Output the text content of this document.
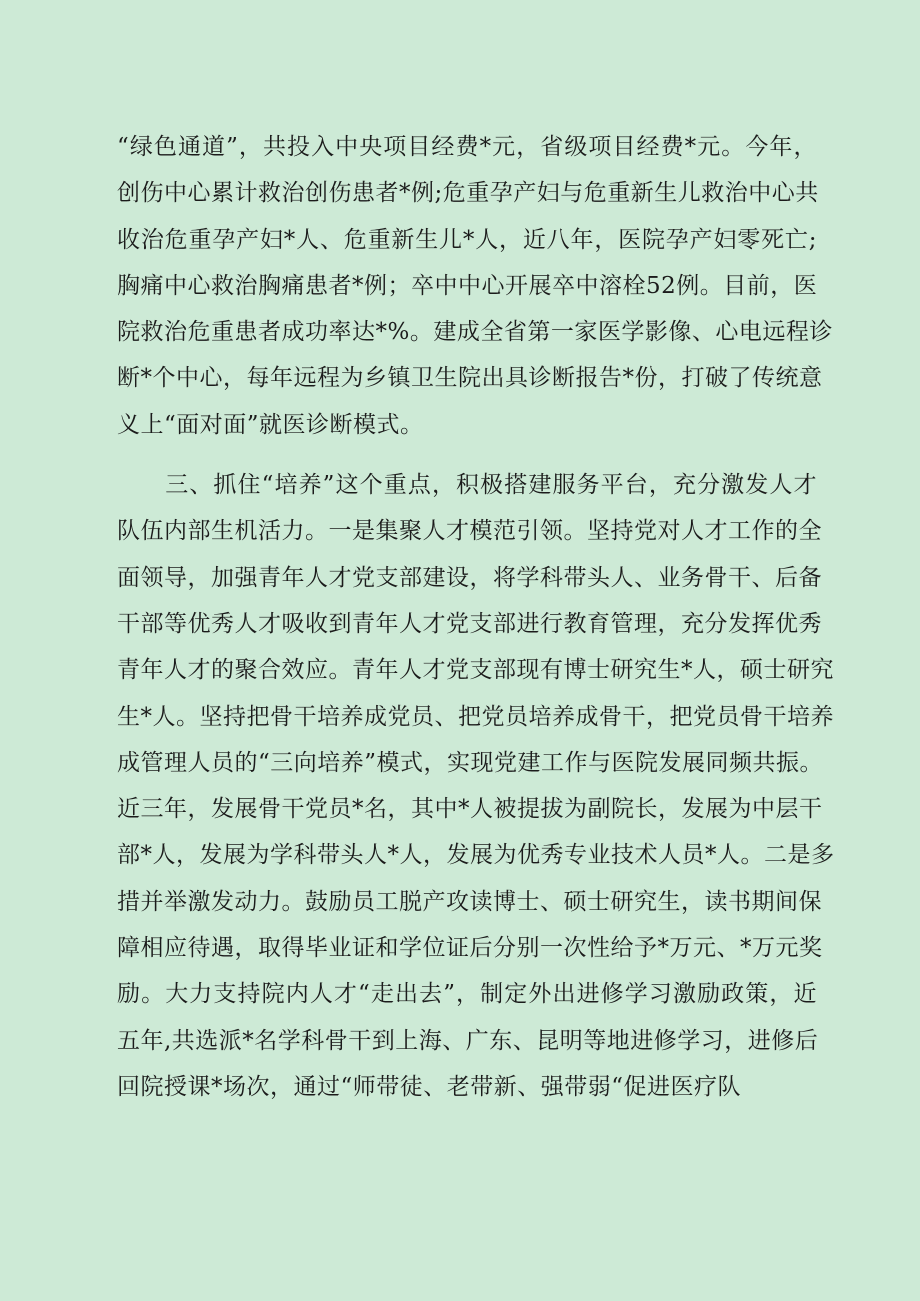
“绿色通道”，共投入中央项目经费*元，省级项目经费*元。今年，
创伤中心累计救治创伤患者*例;危重孕产妇与危重新生儿救治中心共
收治危重孕产妇*人、危重新生儿*人，近八年，医院孕产妇零死亡;
胸痛中心救治胸痛患者*例；卒中中心开展卒中溶栓52例。目前，医
院救治危重患者成功率达*%。建成全省第一家医学影像、心电远程诊
断*个中心，每年远程为乡镇卫生院出具诊断报告*份，打破了传统意
义上“面对面”就医诊断模式。
　　三、抓住“培养”这个重点，积极搭建服务平台，充分激发人才
队伍内部生机活力。一是集聚人才模范引领。坚持党对人才工作的全
面领导，加强青年人才党支部建设，将学科带头人、业务骨干、后备
干部等优秀人才吸收到青年人才党支部进行教育管理，充分发挥优秀
青年人才的聚合效应。青年人才党支部现有博士研究生*人，硕士研究
生*人。坚持把骨干培养成党员、把党员培养成骨干，把党员骨干培养
成管理人员的“三向培养”模式，实现党建工作与医院发展同频共振。
近三年，发展骨干党员*名，其中*人被提拔为副院长，发展为中层干
部*人，发展为学科带头人*人，发展为优秀专业技术人员*人。二是多
措并举激发动力。鼓励员工脱产攻读博士、硕士研究生，读书期间保
障相应待遇，取得毕业证和学位证后分别一次性给予*万元、*万元奖
励。大力支持院内人才“走出去”，制定外出进修学习激励政策，近
五年,共选派*名学科骨干到上海、广东、昆明等地进修学习，进修后
回院授课*场次，通过“师带徒、老带新、强带弱“促进医疗队
